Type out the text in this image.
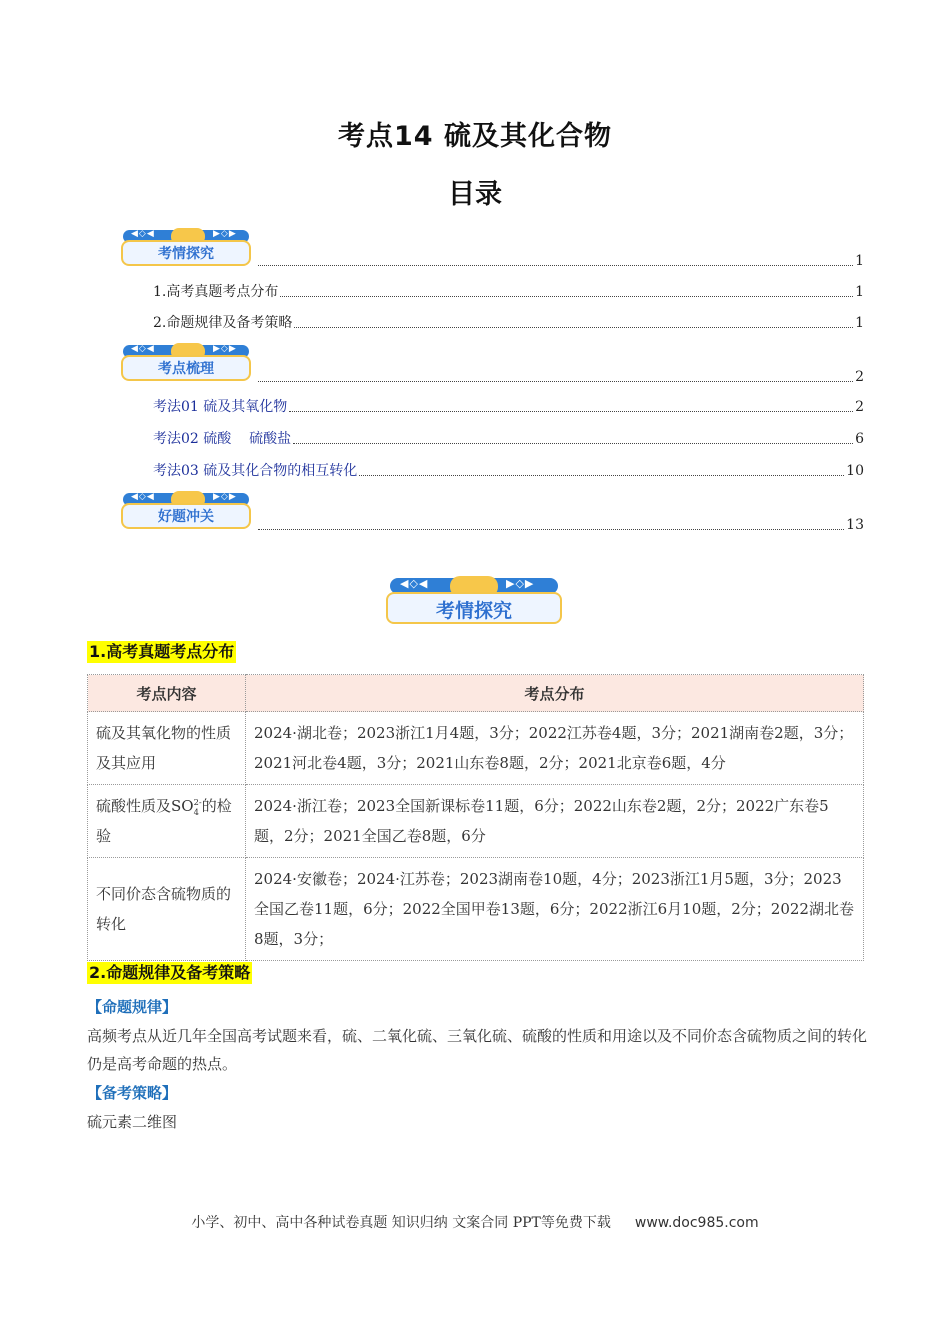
考点14 硫及其化合物
目录
◀◇◀	▶◇▶
考情探究	1
1.高考真题考点分布	1
2.命题规律及备考策略	1
◀◇◀	▶◇▶
考点梳理	2
考法01 硫及其氧化物	2
考法02 硫酸    硫酸盐	6
考法03 硫及其化合物的相互转化	10
◀◇◀	▶◇▶
好题冲关	13
◀◇◀	▶◇▶
考情探究
1.高考真题考点分布
考点内容	考点分布
硫及其氧化物的性质及其应用	2024·湖北卷；2023浙江1月4题，3分；2022江苏卷4题，3分；2021湖南卷2题，3分；2021河北卷4题，3分；2021山东卷8题，2分；2021北京卷6题，4分
硫酸性质及SO 2-
4 的检验	2024·浙江卷；2023全国新课标卷11题，6分；2022山东卷2题，2分；2022广东卷5题，2分；2021全国乙卷8题，6分
不同价态含硫物质的转化	2024·安徽卷；2024·江苏卷；2023湖南卷10题，4分；2023浙江1月5题，3分；2023全国乙卷11题，6分；2022全国甲卷13题，6分；2022浙江6月10题，2分；2022湖北卷8题，3分；
2.命题规律及备考策略
【命题规律】
高频考点从近几年全国高考试题来看，硫、二氧化硫、三氧化硫、硫酸的性质和用途以及不同价态含硫物质之间的转化仍是高考命题的热点。
【备考策略】
硫元素二维图
小学、初中、高中各种试卷真题 知识归纳 文案合同 PPT等免费下载 www.doc985.com
